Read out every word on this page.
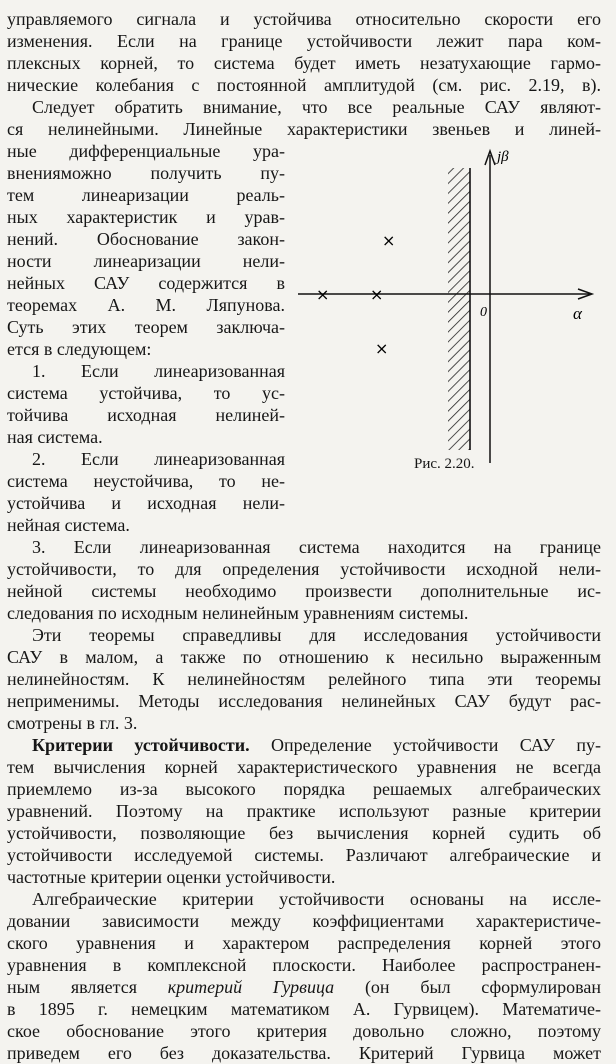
управляемого сигнала и устойчива относительно скорости его
изменения. Если на границе устойчивости лежит пара ком-
плексных корней, то система будет иметь незатухающие гармо-
нические колебания с постоянной амплитудой (см. рис. 2.19, в).
Следует обратить внимание, что все реальные САУ являют-
ся нелинейными. Линейные характеристики звеньев и линей-
ные дифференциальные ура-
вненияможно получить пу-
тем линеаризации реаль-
ных характеристик и урав-
нений. Обоснование закон-
ности линеаризации нели-
нейных САУ содержится в
теоремах А. М. Ляпунова.
Суть этих теорем заключа-
ется в следующем:
1. Если линеаризованная
система устойчива, то ус-
тойчива исходная нелиней-
ная система.
2. Если линеаризованная
система неустойчива, то не-
устойчива и исходная нели-
нейная система.
3. Если линеаризованная система находится на границе
устойчивости, то для определения устойчивости исходной нели-
нейной системы необходимо произвести дополнительные ис-
следования по исходным нелинейным уравнениям системы.
Эти теоремы справедливы для исследования устойчивости
САУ в малом, а также по отношению к несильно выраженным
нелинейностям. К нелинейностям релейного типа эти теоремы
неприменимы. Методы исследования нелинейных САУ будут рас-
смотрены в гл. 3.
Критерии устойчивости. Определение устойчивости САУ пу-
тем вычисления корней характеристического уравнения не всегда
приемлемо из-за высокого порядка решаемых алгебраических
уравнений. Поэтому на практике используют разные критерии
устойчивости, позволяющие без вычисления корней судить об
устойчивости исследуемой системы. Различают алгебраические и
частотные критерии оценки устойчивости.
Алгебраические критерии устойчивости основаны на иссле-
довании зависимости между коэффициентами характеристиче-
ского уравнения и характером распределения корней этого
уравнения в комплексной плоскости. Наиболее распространен-
ным является критерий Гурвица (он был сформулирован
в 1895 г. немецким математиком А. Гурвицем). Математиче-
ское обоснование этого критерия довольно сложно, поэтому
приведем его без доказательства. Критерий Гурвица может
jβ
α
0
×	×
×
×
Рис. 2.20.
